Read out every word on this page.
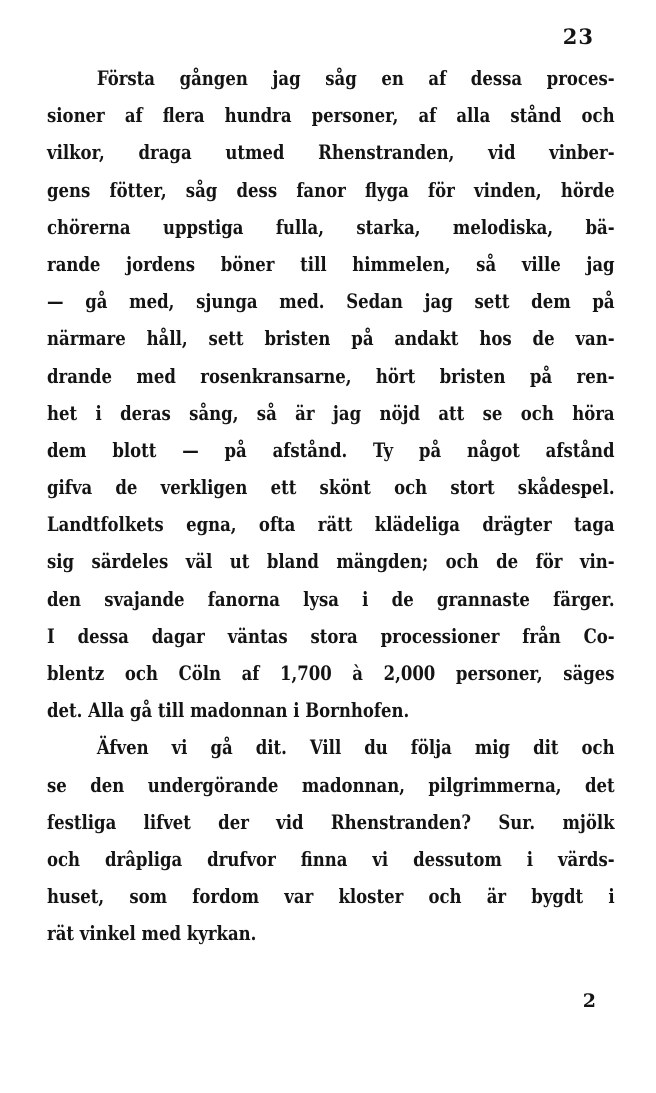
23
Första gången jag såg en af dessa proces-
sioner af flera hundra personer, af alla stånd och
vilkor, draga utmed Rhenstranden, vid vinber-
gens fötter, såg dess fanor flyga för vinden, hörde
chörerna uppstiga fulla, starka, melodiska, bä-
rande jordens böner till himmelen, så ville jag
— gå med, sjunga med. Sedan jag sett dem på
närmare håll, sett bristen på andakt hos de van-
drande med rosenkransarne, hört bristen på ren-
het i deras sång, så är jag nöjd att se och höra
dem blott — på afstånd. Ty på något afstånd
gifva de verkligen ett skönt och stort skådespel.
Landtfolkets egna, ofta rätt klädeliga drägter taga
sig särdeles väl ut bland mängden; och de för vin-
den svajande fanorna lysa i de grannaste färger.
I dessa dagar väntas stora processioner från Co-
blentz och Cöln af 1,700 à 2,000 personer, säges
det. Alla gå till madonnan i Bornhofen.
Äfven vi gå dit. Vill du följa mig dit och
se den undergörande madonnan, pilgrimmerna, det
festliga lifvet der vid Rhenstranden? Sur. mjölk
och drâpliga drufvor finna vi dessutom i värds-
huset, som fordom var kloster och är bygdt i
rät vinkel med kyrkan.
2
